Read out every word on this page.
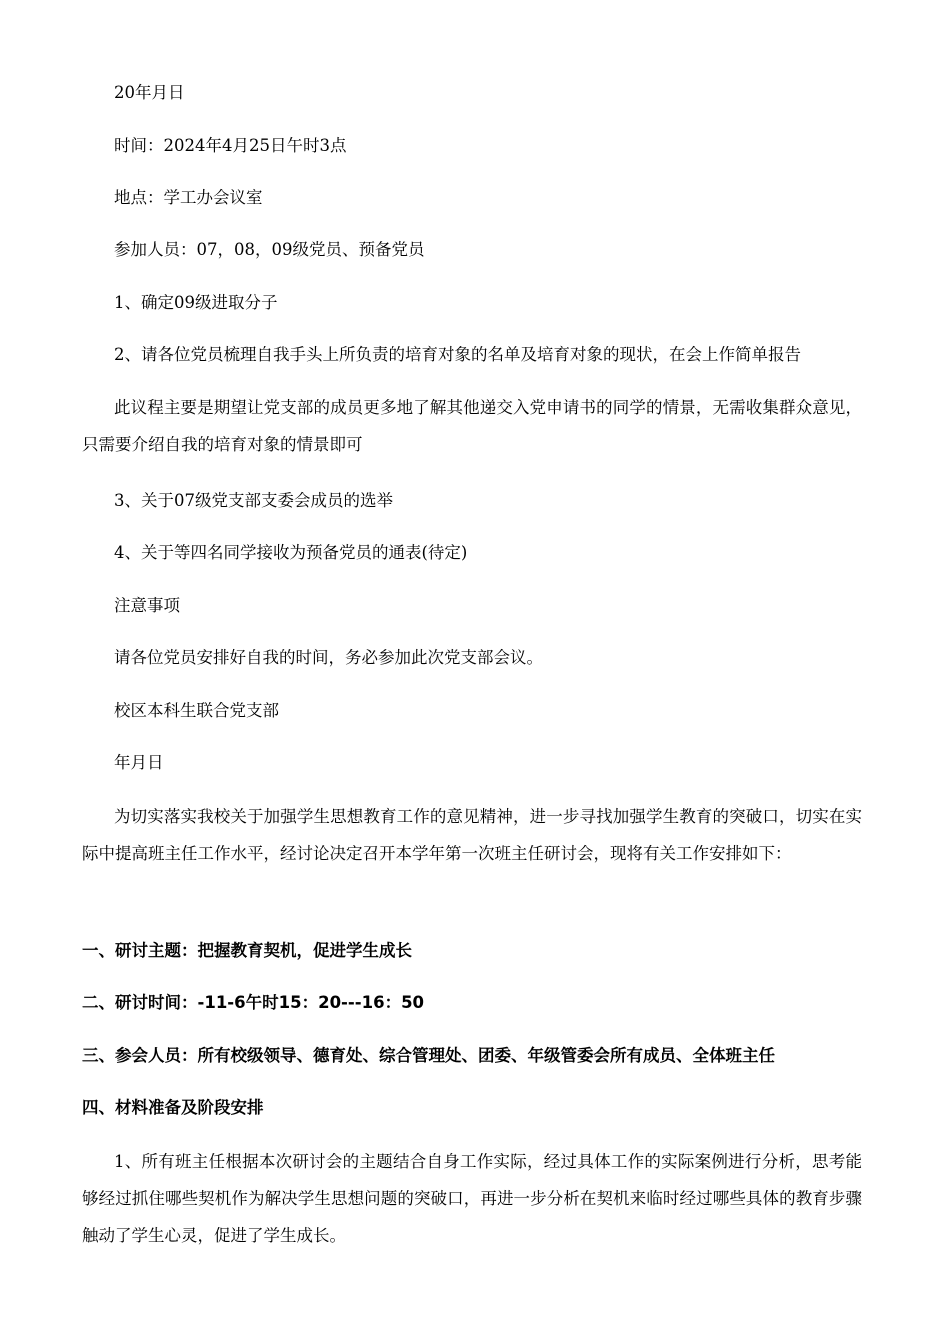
20年月日

时间：2024年4月25日午时3点

地点：学工办会议室

参加人员：07，08，09级党员、预备党员

1、确定09级进取分子

2、请各位党员梳理自我手头上所负责的培育对象的名单及培育对象的现状，在会上作简单报告

此议程主要是期望让党支部的成员更多地了解其他递交入党申请书的同学的情景，无需收集群众意见，只需要介绍自我的培育对象的情景即可

3、关于07级党支部支委会成员的选举

4、关于等四名同学接收为预备党员的通表(待定)

注意事项

请各位党员安排好自我的时间，务必参加此次党支部会议。

校区本科生联合党支部

年月日

为切实落实我校关于加强学生思想教育工作的意见精神，进一步寻找加强学生教育的突破口，切实在实际中提高班主任工作水平，经讨论决定召开本学年第一次班主任研讨会，现将有关工作安排如下：

一、研讨主题：把握教育契机，促进学生成长

二、研讨时间：-11-6午时15：20---16：50

三、参会人员：所有校级领导、德育处、综合管理处、团委、年级管委会所有成员、全体班主任

四、材料准备及阶段安排

1、所有班主任根据本次研讨会的主题结合自身工作实际，经过具体工作的实际案例进行分析，思考能够经过抓住哪些契机作为解决学生思想问题的突破口，再进一步分析在契机来临时经过哪些具体的教育步骤触动了学生心灵，促进了学生成长。
